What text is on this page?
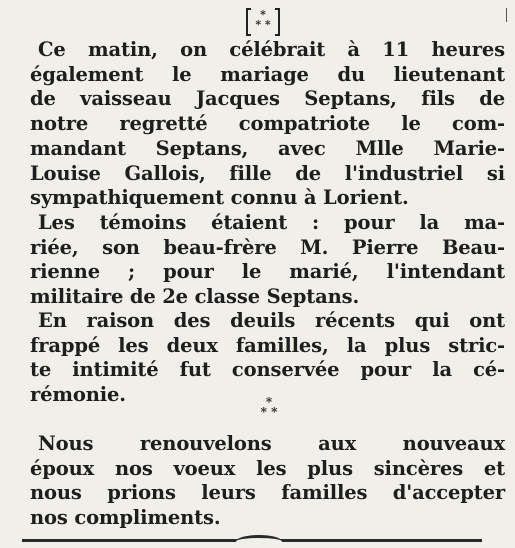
*
* *

Ce matin, on célébrait à 11 heures
également le mariage du lieutenant
de vaisseau Jacques Septans, fils de
notre regretté compatriote le com-
mandant Septans, avec Mlle Marie-
Louise Gallois, fille de l'industriel si
sympathiquement connu à Lorient.

Les témoins étaient : pour la ma-
riée, son beau-frère M. Pierre Beau-
rienne ; pour le marié, l'intendant
militaire de 2e classe Septans.

En raison des deuils récents qui ont
frappé les deux familles, la plus stric-
te intimité fut conservée pour la cé-
rémonie.	*
* *

Nous renouvelons aux nouveaux
époux nos voeux les plus sincères et
nous prions leurs familles d'accepter
nos compliments.
